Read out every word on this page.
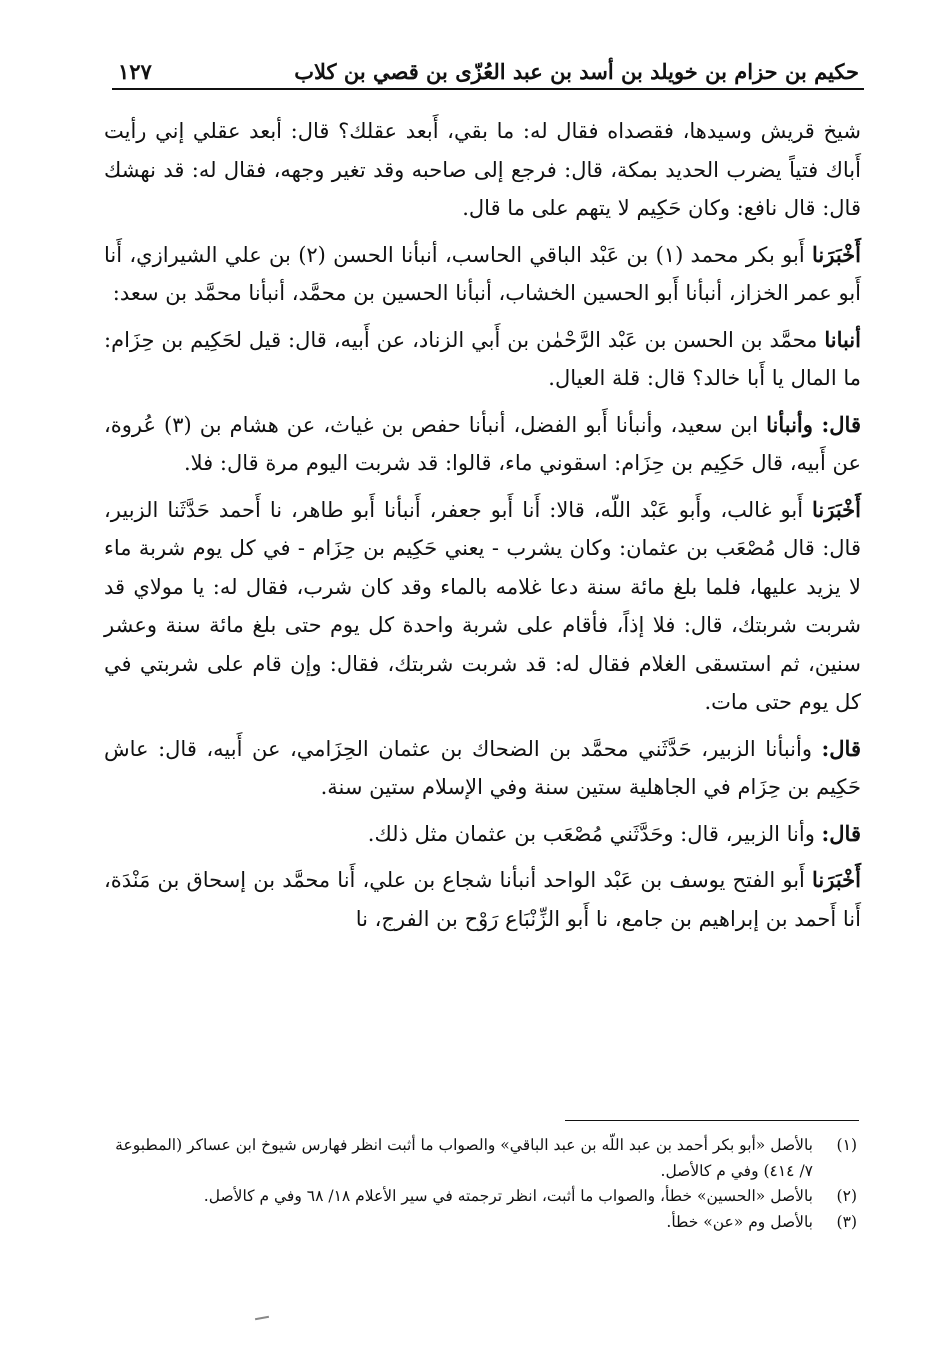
حكيم بن حزام بن خويلد بن أسد بن عبد العُزّى بن قصي بن كلاب
١٢٧

شيخ قريش وسيدها، فقصداه فقال له: ما بقي، أَبعد عقلك؟ قال: أبعد عقلي إني رأيت أَباك فتياً يضرب الحديد بمكة، قال: فرجع إلى صاحبه وقد تغير وجهه، فقال له: قد نهشك قال: قال نافع: وكان حَكِيم لا يتهم على ما قال.

أَخْبَرَنا أَبو بكر محمد (١) بن عَبْد الباقي الحاسب، أنبأنا الحسن (٢) بن علي الشيرازي، أَنا أَبو عمر الخزاز، أنبأنا أَبو الحسين الخشاب، أنبأنا الحسين بن محمَّد، أنبأنا محمَّد بن سعد:

أنبانا محمَّد بن الحسن بن عَبْد الرَّحْمٰن بن أَبي الزناد، عن أَبيه، قال: قيل لحَكِيم بن حِزَام: ما المال يا أَبا خالد؟ قال: قلة العيال.

قال: وأنبأنا ابن سعيد، وأنبأنا أَبو الفضل، أنبأنا حفص بن غياث، عن هشام بن (٣) عُروة، عن أَبيه، قال حَكِيم بن حِزَام: اسقوني ماء، قالوا: قد شربت اليوم مرة قال: فلا.

أَخْبَرَنا أَبو غالب، وأَبو عَبْد اللّه، قالا: أَنا أَبو جعفر، أَنبأنا أَبو طاهر، نا أَحمد حَدَّثَنا الزبير، قال: قال مُصْعَب بن عثمان: وكان يشرب - يعني حَكِيم بن حِزَام - في كل يوم شربة ماء لا يزيد عليها، فلما بلغ مائة سنة دعا غلامه بالماء وقد كان شرب، فقال له: يا مولاي قد شربت شربتك، قال: فلا إذاً، فأقام على شربة واحدة كل يوم حتى بلغ مائة سنة وعشر سنين، ثم استسقى الغلام فقال له: قد شربت شربتك، فقال: وإن قام على شربتي في كل يوم حتى مات.

قال: وأنبأنا الزبير، حَدَّثَني محمَّد بن الضحاك بن عثمان الحِزَامي، عن أَبيه، قال: عاش حَكِيم بن حِزَام في الجاهلية ستين سنة وفي الإسلام ستين سنة.

قال: وأنا الزبير، قال: وحَدَّثَني مُصْعَب بن عثمان مثل ذلك.

أَخْبَرَنا أَبو الفتح يوسف بن عَبْد الواحد أنبأنا شجاع بن علي، أَنا محمَّد بن إسحاق بن مَنْدَة، أَنا أَحمد بن إبراهيم بن جامع، نا أَبو الزِّنْبَاع رَوْح بن الفرج، نا

(١)
بالأصل «أبو بكر أحمد بن عبد اللّه بن عبد الباقي» والصواب ما أثبت انظر فهارس شيوخ ابن عساكر (المطبوعة ٧/ ٤١٤) وفي م كالأصل.

(٢)
بالأصل «الحسين» خطأ، والصواب ما أثبت، انظر ترجمته في سير الأعلام ١٨/ ٦٨ وفي م كالأصل.

(٣)
بالأصل وم «عن» خطأ.
